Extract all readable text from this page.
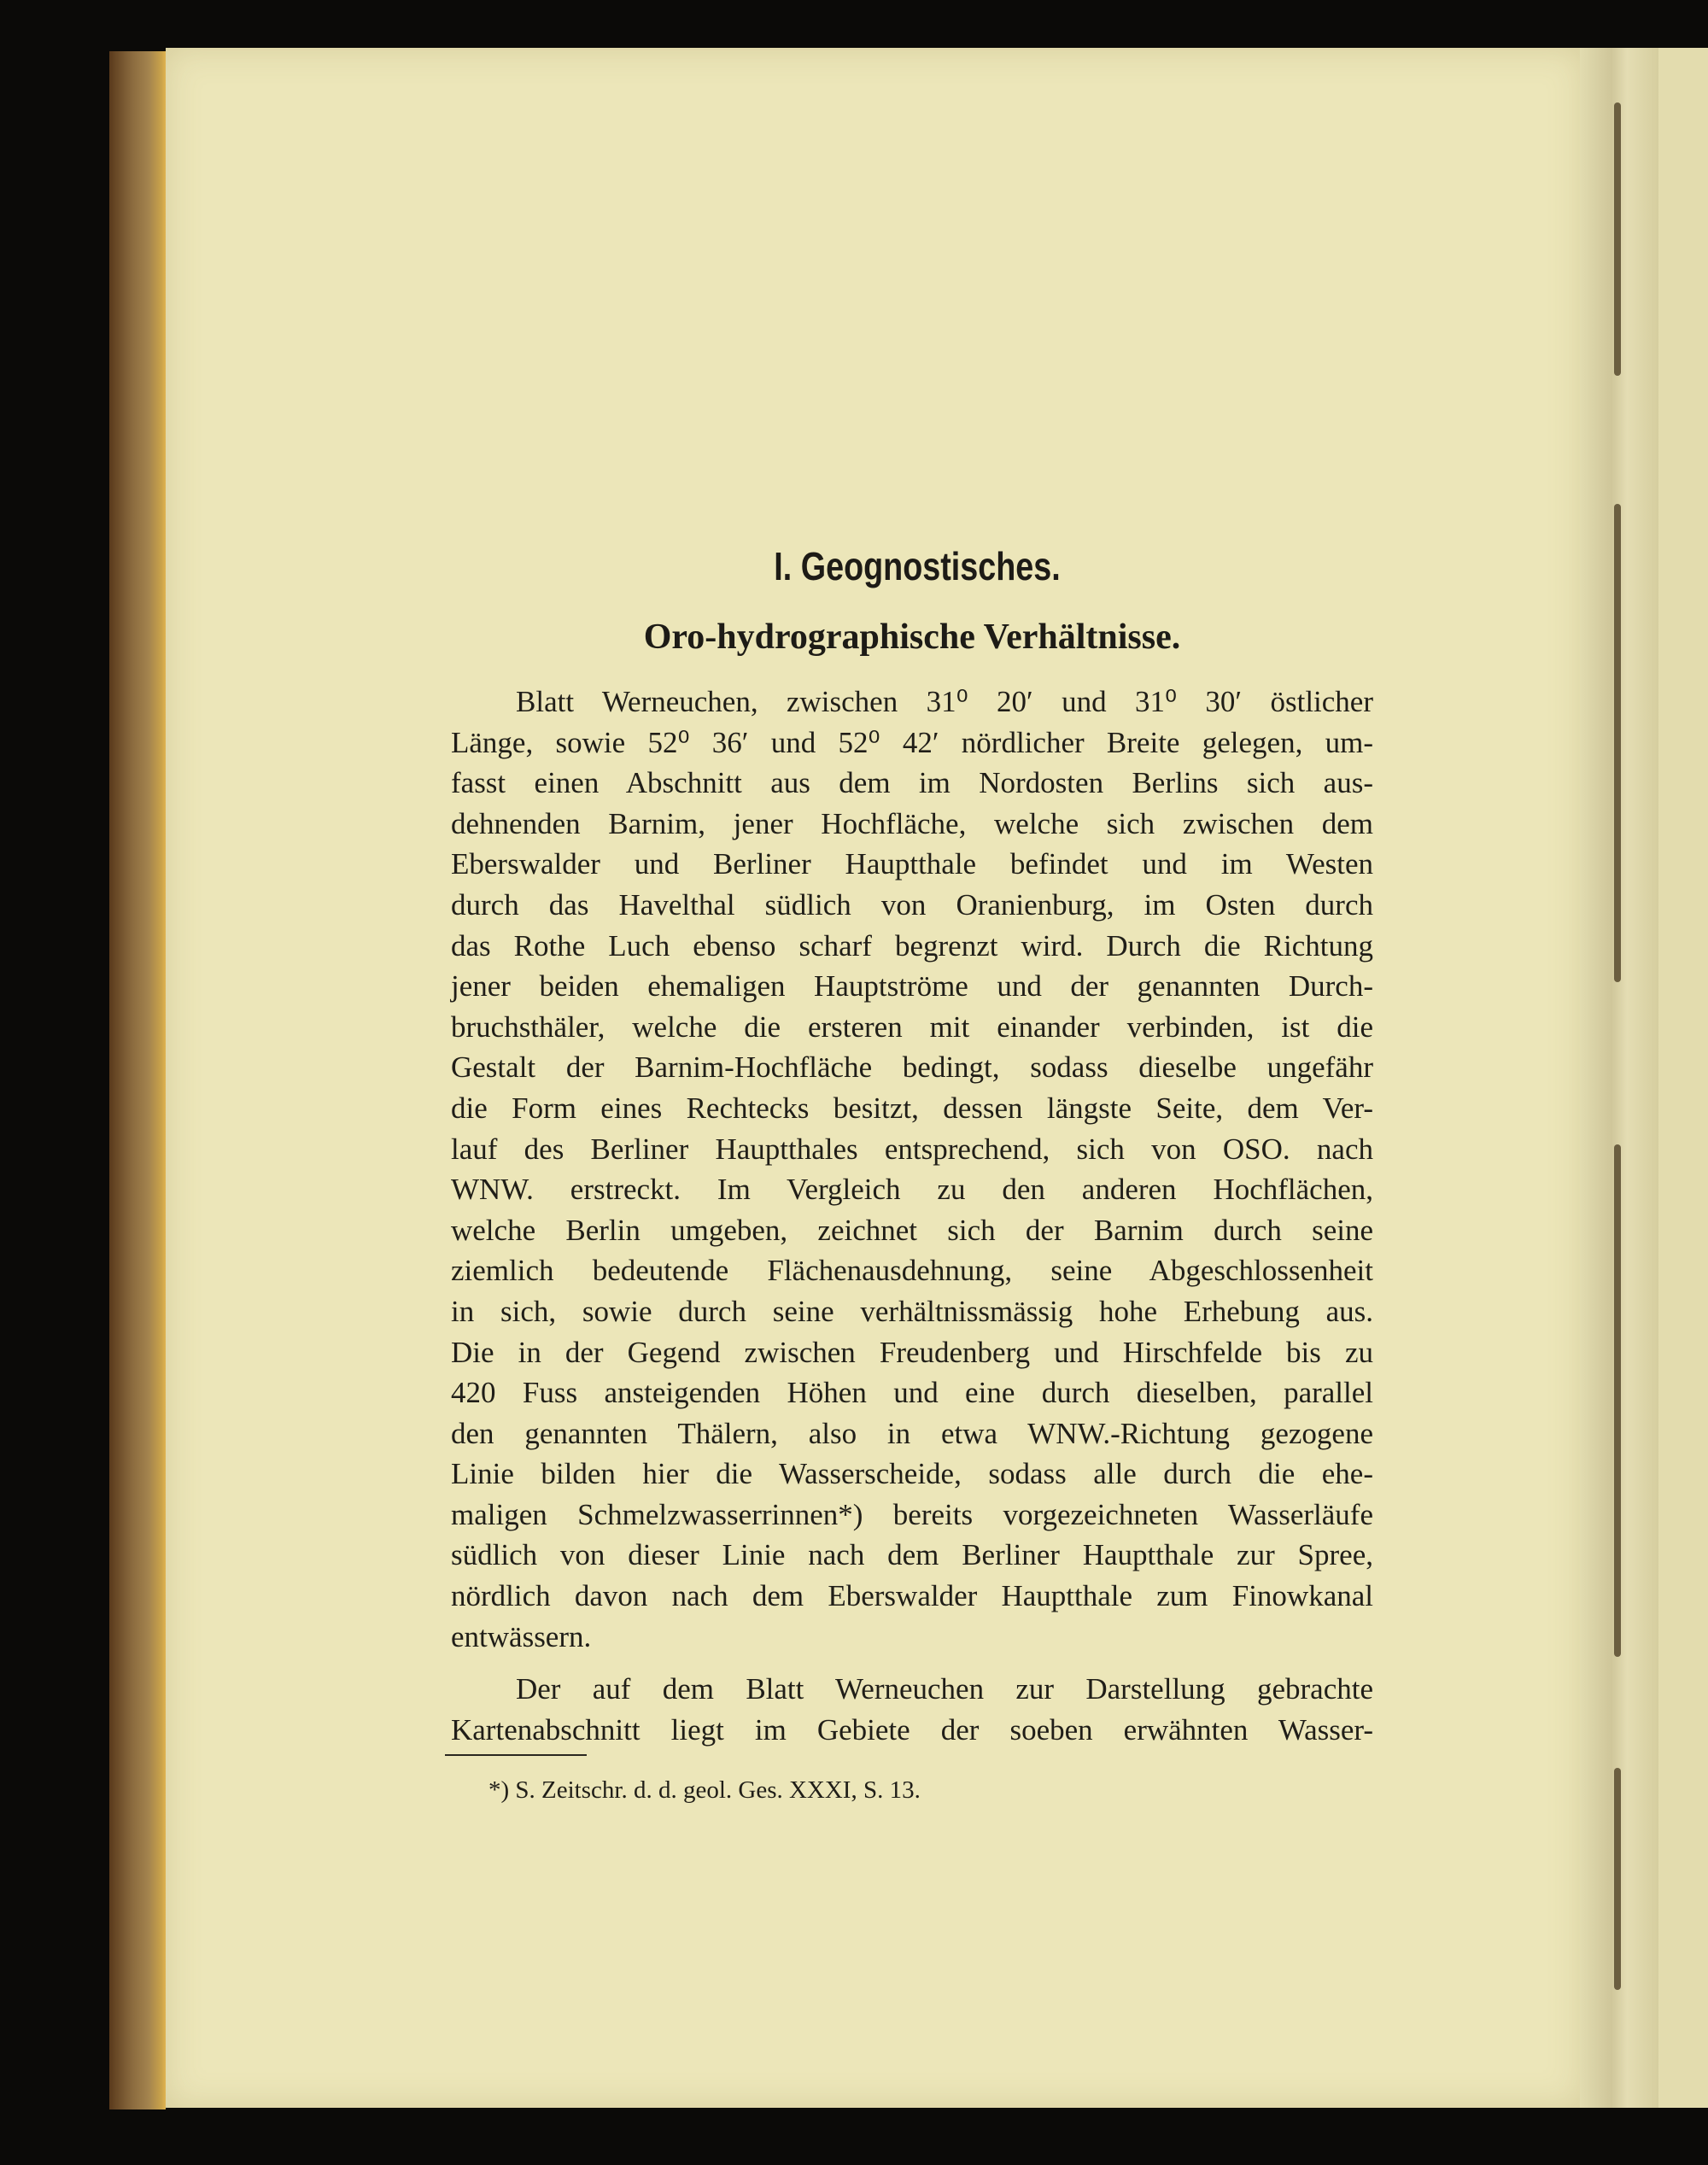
I. Geognostisches.
Oro-hydrographische Verhältnisse.
Blatt Werneuchen, zwischen 31⁰ 20′ und 31⁰ 30′ östlicher
Länge, sowie 52⁰ 36′ und 52⁰ 42′ nördlicher Breite gelegen, um-
fasst einen Abschnitt aus dem im Nordosten Berlins sich aus-
dehnenden Barnim, jener Hochfläche, welche sich zwischen dem
Eberswalder und Berliner Hauptthale befindet und im Westen
durch das Havelthal südlich von Oranienburg, im Osten durch
das Rothe Luch ebenso scharf begrenzt wird. Durch die Richtung
jener beiden ehemaligen Hauptströme und der genannten Durch-
bruchsthäler, welche die ersteren mit einander verbinden, ist die
Gestalt der Barnim-Hochfläche bedingt, sodass dieselbe ungefähr
die Form eines Rechtecks besitzt, dessen längste Seite, dem Ver-
lauf des Berliner Hauptthales entsprechend, sich von OSO. nach
WNW. erstreckt. Im Vergleich zu den anderen Hochflächen,
welche Berlin umgeben, zeichnet sich der Barnim durch seine
ziemlich bedeutende Flächenausdehnung, seine Abgeschlossenheit
in sich, sowie durch seine verhältnissmässig hohe Erhebung aus.
Die in der Gegend zwischen Freudenberg und Hirschfelde bis zu
420 Fuss ansteigenden Höhen und eine durch dieselben, parallel
den genannten Thälern, also in etwa WNW.-Richtung gezogene
Linie bilden hier die Wasserscheide, sodass alle durch die ehe-
maligen Schmelzwasserrinnen*) bereits vorgezeichneten Wasserläufe
südlich von dieser Linie nach dem Berliner Hauptthale zur Spree,
nördlich davon nach dem Eberswalder Hauptthale zum Finowkanal
entwässern.
Der auf dem Blatt Werneuchen zur Darstellung gebrachte
Kartenabschnitt liegt im Gebiete der soeben erwähnten Wasser-
*) S. Zeitschr. d. d. geol. Ges. XXXI, S. 13.
